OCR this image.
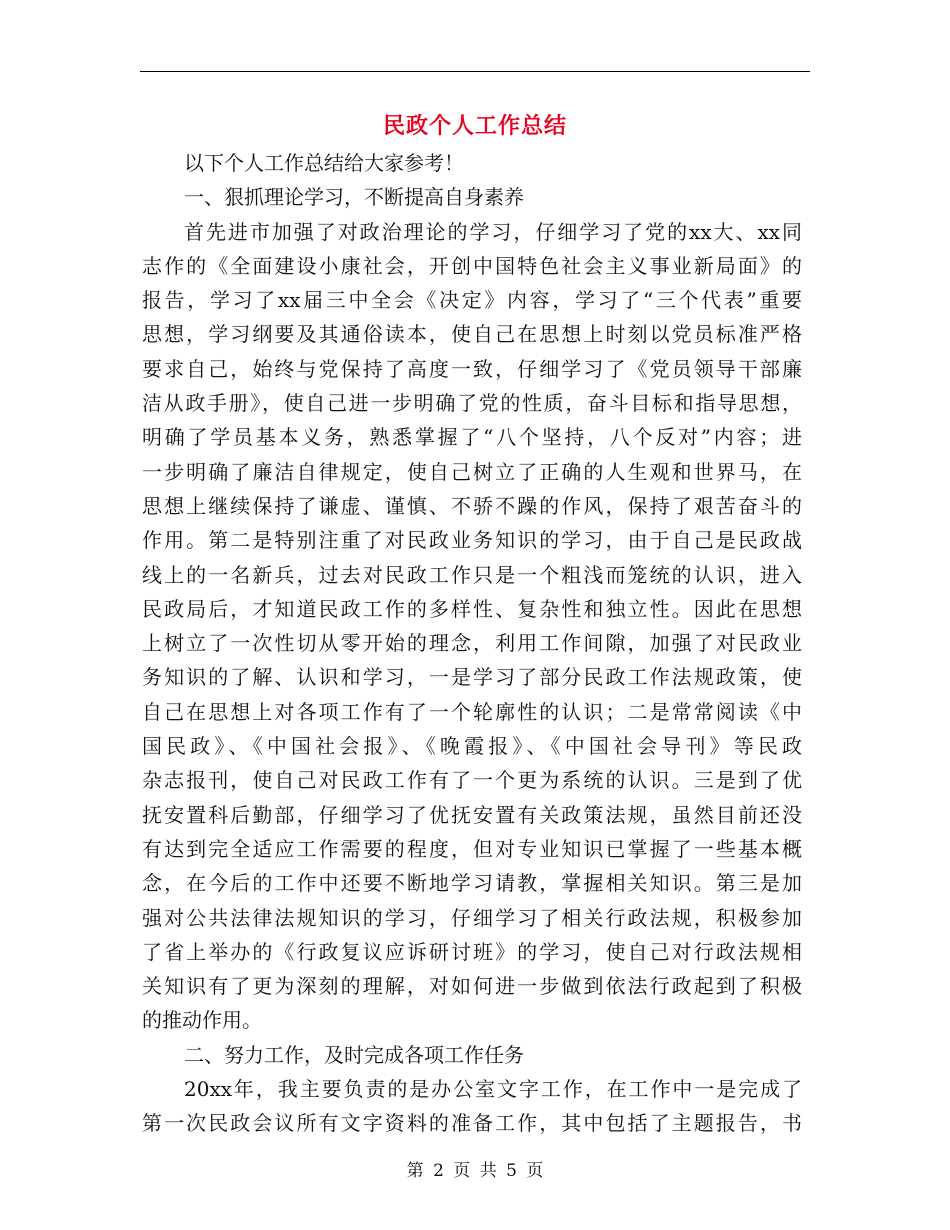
民政个人工作总结
以下个人工作总结给大家参考！
一、狠抓理论学习，不断提高自身素养
首先进市加强了对政治理论的学习，仔细学习了党的xx大、xx同
志作的《全面建设小康社会，开创中国特色社会主义事业新局面》的
报告，学习了xx届三中全会《决定》内容，学习了“三个代表”重要
思想，学习纲要及其通俗读本，使自己在思想上时刻以党员标准严格
要求自己，始终与党保持了高度一致，仔细学习了《党员领导干部廉
洁从政手册》，使自己进一步明确了党的性质，奋斗目标和指导思想，
明确了学员基本义务，熟悉掌握了“八个坚持，八个反对”内容；进
一步明确了廉洁自律规定，使自己树立了正确的人生观和世界马，在
思想上继续保持了谦虚、谨慎、不骄不躁的作风，保持了艰苦奋斗的
作用。第二是特别注重了对民政业务知识的学习，由于自己是民政战
线上的一名新兵，过去对民政工作只是一个粗浅而笼统的认识，进入
民政局后，才知道民政工作的多样性、复杂性和独立性。因此在思想
上树立了一次性切从零开始的理念，利用工作间隙，加强了对民政业
务知识的了解、认识和学习，一是学习了部分民政工作法规政策，使
自己在思想上对各项工作有了一个轮廓性的认识；二是常常阅读《中
国民政》、《中国社会报》、《晚霞报》、《中国社会导刊》等民政
杂志报刊，使自己对民政工作有了一个更为系统的认识。三是到了优
抚安置科后勤部，仔细学习了优抚安置有关政策法规，虽然目前还没
有达到完全适应工作需要的程度，但对专业知识已掌握了一些基本概
念，在今后的工作中还要不断地学习请教，掌握相关知识。第三是加
强对公共法律法规知识的学习，仔细学习了相关行政法规，积极参加
了省上举办的《行政复议应诉研讨班》的学习，使自己对行政法规相
关知识有了更为深刻的理解，对如何进一步做到依法行政起到了积极
的推动作用。
二、努力工作，及时完成各项工作任务
20xx年，我主要负责的是办公室文字工作，在工作中一是完成了
第一次民政会议所有文字资料的准备工作，其中包括了主题报告，书
第 2 页 共 5 页
